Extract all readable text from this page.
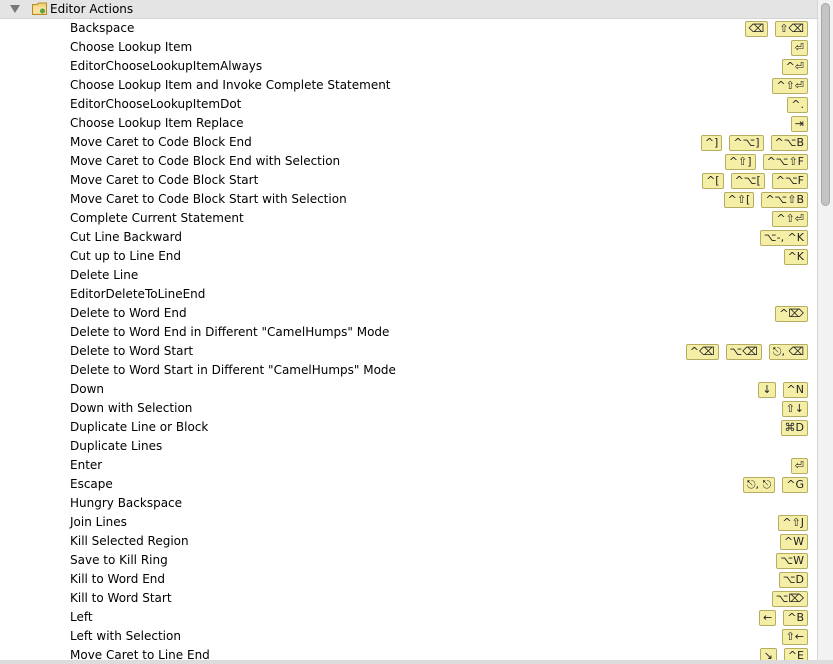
Editor Actions
Backspace	⌫	⇧⌫
Choose Lookup Item	⏎
EditorChooseLookupItemAlways	^⏎
Choose Lookup Item and Invoke Complete Statement	^⇧⏎
EditorChooseLookupItemDot	^.
Choose Lookup Item Replace	⇥
Move Caret to Code Block End	^]	^⌥]	^⌥B
Move Caret to Code Block End with Selection	^⇧]	^⌥⇧F
Move Caret to Code Block Start	^[	^⌥[	^⌥F
Move Caret to Code Block Start with Selection	^⇧[	^⌥⇧B
Complete Current Statement	^⇧⏎
Cut Line Backward	⌥-, ^K
Cut up to Line End	^K
Delete Line
EditorDeleteToLineEnd
Delete to Word End	^⌦
Delete to Word End in Different "CamelHumps" Mode
Delete to Word Start	^⌫	⌥⌫	⎋, ⌫
Delete to Word Start in Different "CamelHumps" Mode
Down	↓	^N
Down with Selection	⇧↓
Duplicate Line or Block	⌘D
Duplicate Lines
Enter	⏎
Escape	⎋, ⎋	^G
Hungry Backspace
Join Lines	^⇧J
Kill Selected Region	^W
Save to Kill Ring	⌥W
Kill to Word End	⌥D
Kill to Word Start	⌥⌦
Left	←	^B
Left with Selection	⇧←
Move Caret to Line End	↘	^E
